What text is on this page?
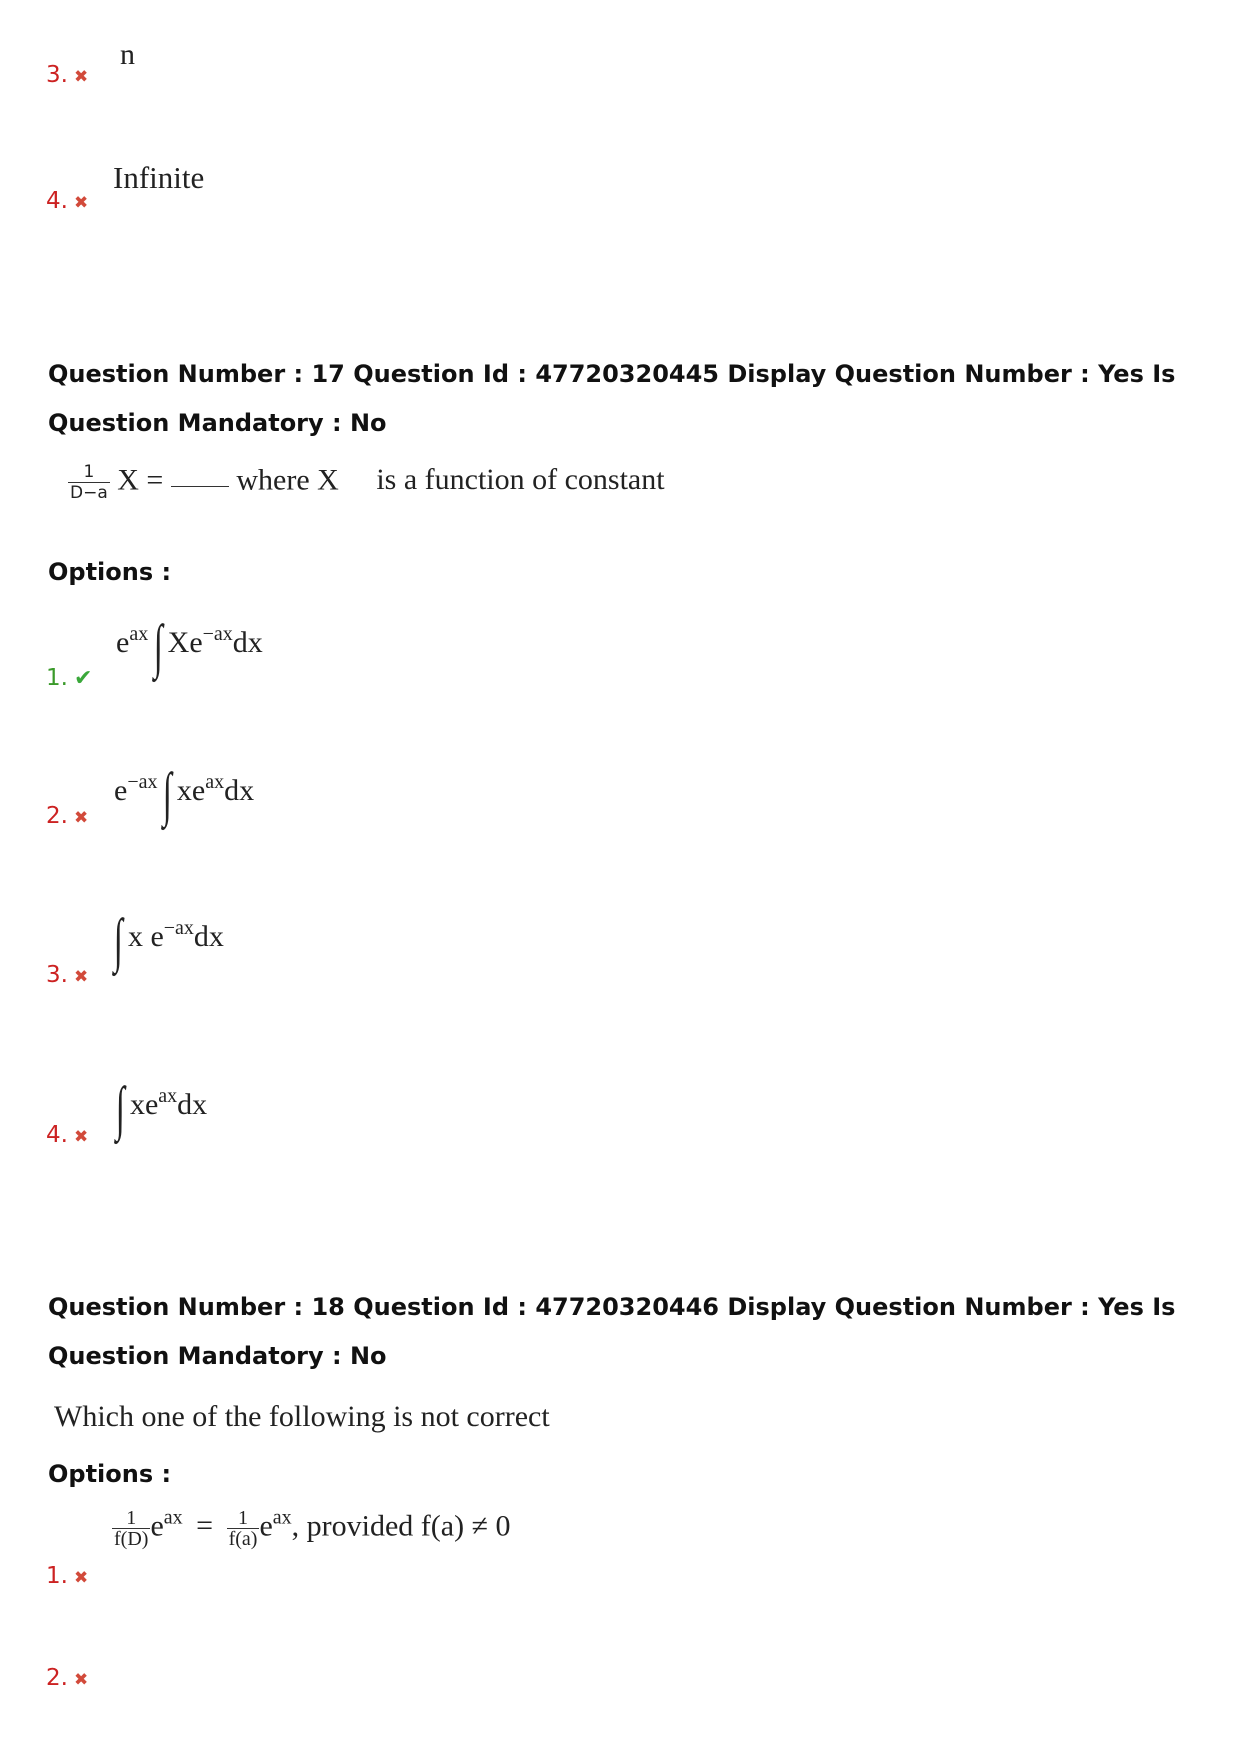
n
3. ✖
Infinite
4. ✖
Question Number : 17 Question Id : 47720320445 Display Question Number : Yes Is Question Mandatory : No
$\frac{1}{D-a}$ X = where X is a function of constant
Options :
$e^{ax}$ ∫ $Xe^{-ax}dx$
1. ✔
$e^{-ax}$ ∫ $xe^{ax}dx$
2. ✖
∫ x $e^{-ax}dx$
3. ✖
∫ $xe^{ax}dx$
4. ✖
Question Number : 18 Question Id : 47720320446 Display Question Number : Yes Is Question Mandatory : No
Which one of the following is not correct
Options :
$\frac{1}{f(D)} e^{ax} = \frac{1}{f(a)} e^{ax}$, provided f(a) ≠ 0
1. ✖
2. ✖
